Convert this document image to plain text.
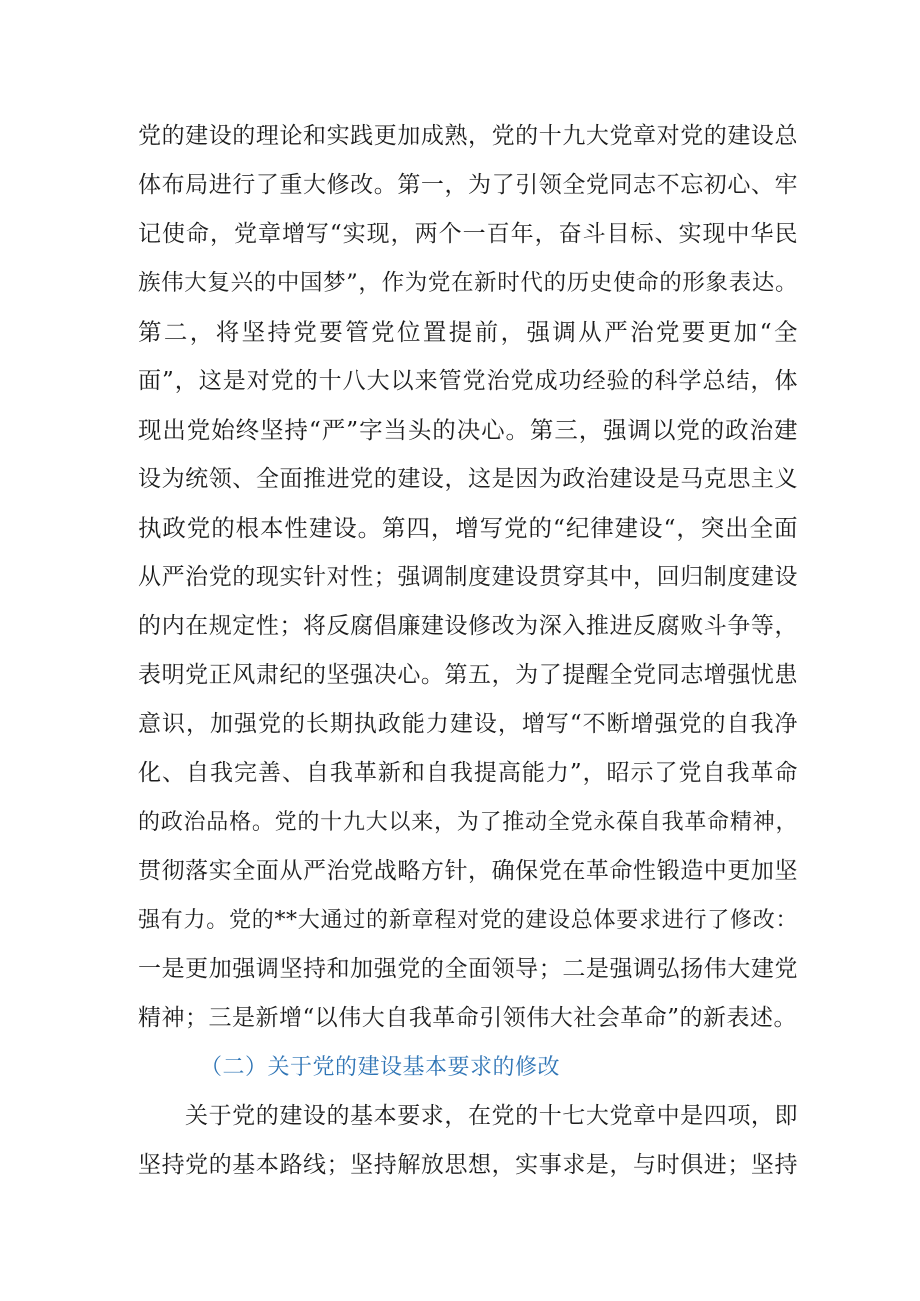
党的建设的理论和实践更加成熟，党的十九大党章对党的建设总
体布局进行了重大修改。第一，为了引领全党同志不忘初心、牢
记使命，党章增写“实现，两个一百年，奋斗目标、实现中华民
族伟大复兴的中国梦”，作为党在新时代的历史使命的形象表达。
第二，将坚持党要管党位置提前，强调从严治党要更加“全
面”，这是对党的十八大以来管党治党成功经验的科学总结，体
现出党始终坚持“严”字当头的决心。第三，强调以党的政治建
设为统领、全面推进党的建设，这是因为政治建设是马克思主义
执政党的根本性建设。第四，增写党的“纪律建设“，突出全面
从严治党的现实针对性；强调制度建设贯穿其中，回归制度建设
的内在规定性；将反腐倡廉建设修改为深入推进反腐败斗争等，
表明党正风肃纪的坚强决心。第五，为了提醒全党同志增强忧患
意识，加强党的长期执政能力建设，增写“不断增强党的自我净
化、自我完善、自我革新和自我提高能力”，昭示了党自我革命
的政治品格。党的十九大以来，为了推动全党永葆自我革命精神，
贯彻落实全面从严治党战略方针，确保党在革命性锻造中更加坚
强有力。党的**大通过的新章程对党的建设总体要求进行了修改：
一是更加强调坚持和加强党的全面领导；二是强调弘扬伟大建党
精神；三是新增“以伟大自我革命引领伟大社会革命”的新表述。
（二）关于党的建设基本要求的修改
关于党的建设的基本要求，在党的十七大党章中是四项，即
坚持党的基本路线；坚持解放思想，实事求是，与时俱进；坚持
